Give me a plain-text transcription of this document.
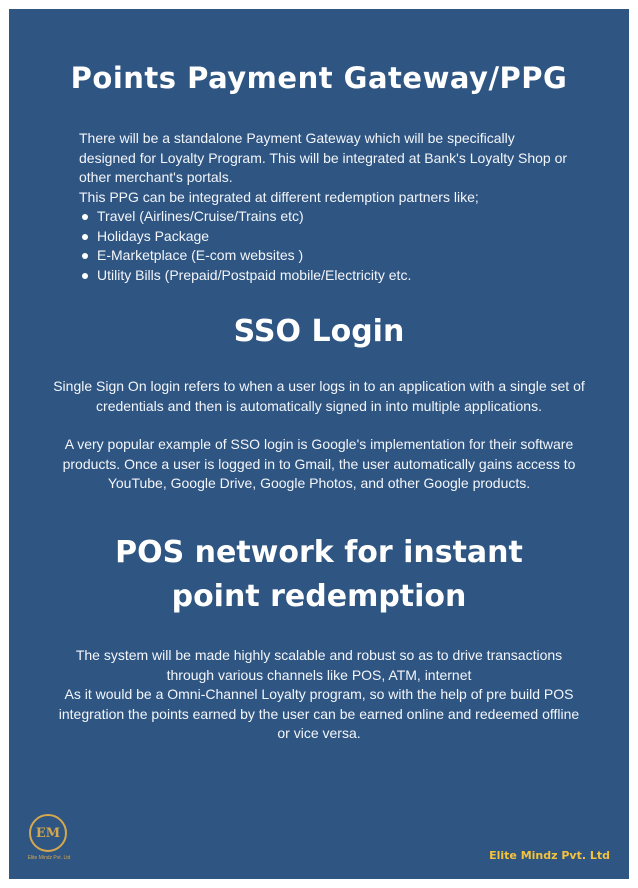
Points Payment Gateway/PPG

There will be a standalone Payment Gateway which will be specifically designed for Loyalty Program. This will be integrated at Bank's Loyalty Shop or other merchant's portals.

This PPG can be integrated at different redemption partners like;

Travel (Airlines/Cruise/Trains etc)
Holidays Package
E-Marketplace (E-com websites )
Utility Bills (Prepaid/Postpaid mobile/Electricity etc.
SSO Login

Single Sign On login refers to when a user logs in to an application with a single set of credentials and then is automatically signed in into multiple applications.

A very popular example of SSO login is Google's implementation for their software products. Once a user is logged in to Gmail, the user automatically gains access to YouTube, Google Drive, Google Photos, and other Google products.

POS network for instant
point redemption

The system will be made highly scalable and robust so as to drive transactions through various channels like POS, ATM, internet

As it would be a Omni-Channel Loyalty program, so with the help of pre build POS integration the points earned by the user can be earned online and redeemed offline or vice versa.

EM
Elite Mindz Pvt. Ltd	Elite Mindz Pvt. Ltd
